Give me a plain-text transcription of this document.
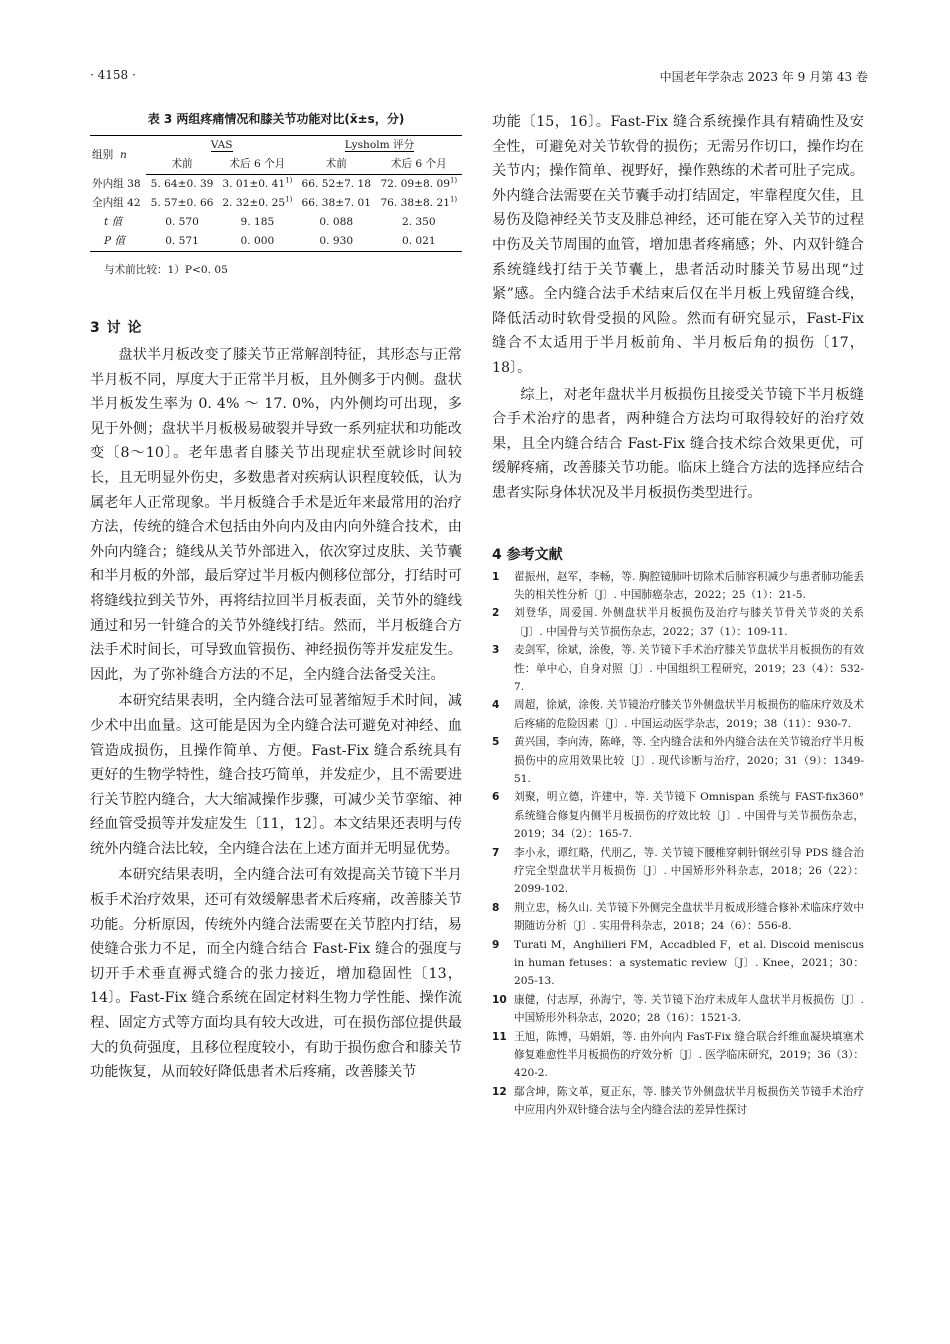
· 4158 ·	中国老年学杂志 2023 年 9 月第 43 卷
表 3 两组疼痛情况和膝关节功能对比(x̄±s，分)
组别 n	VAS		Lysholm 评分	
	术前	术后 6 个月	术前	术后 6 个月
外内组 38	5. 64±0. 39	3. 01±0. 41$^{1)}$	66. 52±7. 18	72. 09±8. 09$^{1)}$
全内组 42	5. 57±0. 66	2. 32±0. 25$^{1)}$	66. 38±7. 01	76. 38±8. 21$^{1)}$
t 值	0. 570	9. 185	0. 088	2. 350
P 值	0. 571	0. 000	0. 930	0. 021
与术前比较：1）P<0. 05
3 讨 论

盘状半月板改变了膝关节正常解剖特征，其形态与正常半月板不同，厚度大于正常半月板，且外侧多于内侧。盘状半月板发生率为 0. 4% ～ 17. 0%，内外侧均可出现，多见于外侧；盘状半月板极易破裂并导致一系列症状和功能改变〔8～10〕。老年患者自膝关节出现症状至就诊时间较长，且无明显外伤史，多数患者对疾病认识程度较低，认为属老年人正常现象。半月板缝合手术是近年来最常用的治疗方法，传统的缝合术包括由外向内及由内向外缝合技术，由外向内缝合；缝线从关节外部进入，依次穿过皮肤、关节囊和半月板的外部，最后穿过半月板内侧移位部分，打结时可将缝线拉到关节外，再将结拉回半月板表面，关节外的缝线通过和另一针缝合的关节外缝线打结。然而，半月板缝合方法手术时间长，可导致血管损伤、神经损伤等并发症发生。因此，为了弥补缝合方法的不足，全内缝合法备受关注。

本研究结果表明，全内缝合法可显著缩短手术时间，减少术中出血量。这可能是因为全内缝合法可避免对神经、血管造成损伤，且操作简单、方便。Fast-Fix 缝合系统具有更好的生物学特性，缝合技巧简单，并发症少，且不需要进行关节腔内缝合，大大缩减操作步骤，可减少关节挛缩、神经血管受损等并发症发生〔11，12〕。本文结果还表明与传统外内缝合法比较，全内缝合法在上述方面并无明显优势。

本研究结果表明，全内缝合法可有效提高关节镜下半月板手术治疗效果，还可有效缓解患者术后疼痛，改善膝关节功能。分析原因，传统外内缝合法需要在关节腔内打结，易使缝合张力不足，而全内缝合结合 Fast-Fix 缝合的强度与切开手术垂直褥式缝合的张力接近，增加稳固性〔13，14〕。Fast-Fix 缝合系统在固定材料生物力学性能、操作流程、固定方式等方面均具有较大改进，可在损伤部位提供最大的负荷强度，且移位程度较小，有助于损伤愈合和膝关节功能恢复，从而较好降低患者术后疼痛，改善膝关节

功能〔15，16〕。Fast-Fix 缝合系统操作具有精确性及安全性，可避免对关节软骨的损伤；无需另作切口，操作均在关节内；操作简单、视野好，操作熟练的术者可肚子完成。外内缝合法需要在关节囊手动打结固定，牢靠程度欠佳，且易伤及隐神经关节支及腓总神经，还可能在穿入关节的过程中伤及关节周围的血管，增加患者疼痛感；外、内双针缝合系统缝线打结于关节囊上，患者活动时膝关节易出现“过紧”感。全内缝合法手术结束后仅在半月板上残留缝合线，降低活动时软骨受损的风险。然而有研究显示，Fast-Fix 缝合不太适用于半月板前角、半月板后角的损伤〔17，18〕。

综上，对老年盘状半月板损伤且接受关节镜下半月板缝合手术治疗的患者，两种缝合方法均可取得较好的治疗效果，且全内缝合结合 Fast-Fix 缝合技术综合效果更优，可缓解疼痛，改善膝关节功能。临床上缝合方法的选择应结合患者实际身体状况及半月板损伤类型进行。

4 参考文献
1	翟振州，赵军，李畅，等. 胸腔镜肺叶切除术后肺容积减少与患者肺功能丢失的相关性分析〔J〕. 中国肺癌杂志，2022；25（1）：21-5.
2	刘登华，周爱国. 外侧盘状半月板损伤及治疗与膝关节骨关节炎的关系〔J〕. 中国骨与关节损伤杂志，2022；37（1）：109-11.
3	麦剑军，徐斌，涂俊，等. 关节镜下手术治疗膝关节盘状半月板损伤的有效性：单中心，自身对照〔J〕. 中国组织工程研究，2019；23（4）：532-7.
4	周超，徐斌，涂俊. 关节镜治疗膝关节外侧盘状半月板损伤的临床疗效及术后疼痛的危险因素〔J〕. 中国运动医学杂志，2019；38（11）：930-7.
5	黄兴国，李向涛，陈峰，等. 全内缝合法和外内缝合法在关节镜治疗半月板损伤中的应用效果比较〔J〕. 现代诊断与治疗，2020；31（9）：1349-51.
6	刘聚，明立德，许建中，等. 关节镜下 Omnispan 系统与 FAST-fix360°系统缝合修复内侧半月板损伤的疗效比较〔J〕. 中国骨与关节损伤杂志，2019；34（2）：165-7.
7	李小永，谭红略，代朋乙，等. 关节镜下腰椎穿刺针钢丝引导 PDS 缝合治疗完全型盘状半月板损伤〔J〕. 中国矫形外科杂志，2018；26（22）：2099-102.
8	荆立忠，杨久山. 关节镜下外侧完全盘状半月板成形缝合修补术临床疗效中期随访分析〔J〕. 实用骨科杂志，2018；24（6）：556-8.
9	Turati M，Anghilieri FM，Accadbled F，et al. Discoid meniscus in human fetuses：a systematic review〔J〕. Knee，2021；30：205-13.
10 康健，付志厚，孙海宁，等. 关节镜下治疗未成年人盘状半月板损伤〔J〕. 中国矫形外科杂志，2020；28（16）：1521-3.
11 王旭，陈博，马娟娟，等. 由外向内 FasT-Fix 缝合联合纤维血凝块填塞术修复难愈性半月板损伤的疗效分析〔J〕. 医学临床研究，2019；36（3）：420-2.
12 鄢含坤，陈文革，夏正东，等. 膝关节外侧盘状半月板损伤关节镜手术治疗中应用内外双针缝合法与全内缝合法的差异性探讨
